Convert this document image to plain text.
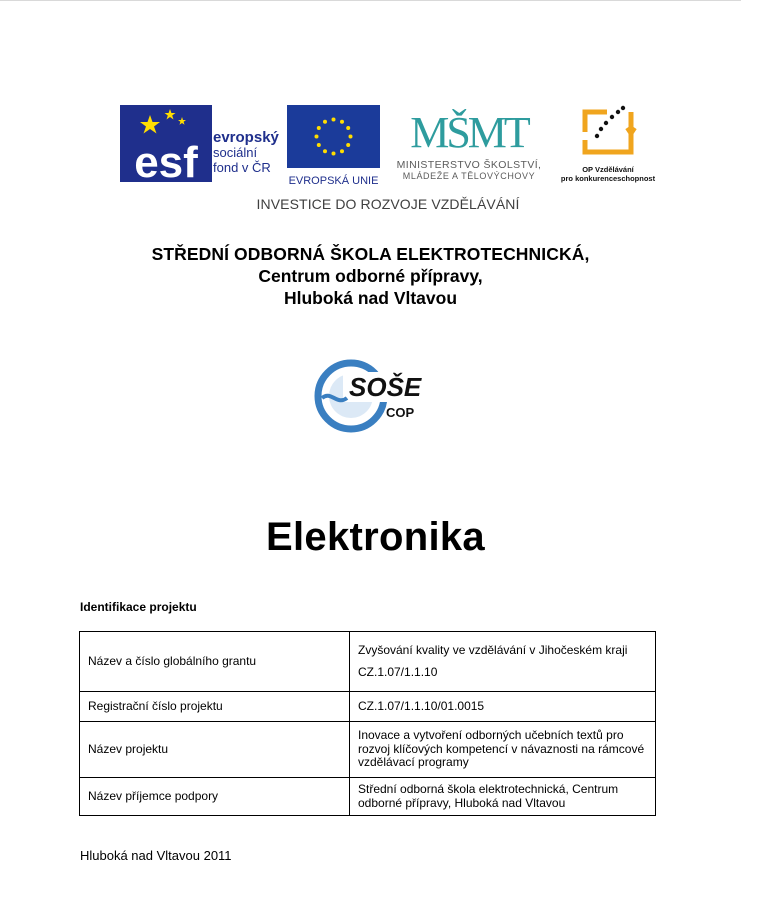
esf
evropský
sociální
fond v ČR
EVROPSKÁ UNIE
MŠMT
MINISTERSTVO ŠKOLSTVÍ,
MLÁDEŽE A TĚLOVÝCHOVY
OP Vzdělávání
pro konkurenceschopnost
INVESTICE DO ROZVOJE VZDĚLÁVÁNÍ
STŘEDNÍ ODBORNÁ ŠKOLA ELEKTROTECHNICKÁ,
Centrum odborné přípravy,
Hluboká nad Vltavou
SOŠE
COP
Elektronika
Identifikace projektu
Název a číslo globálního grantu	Zvyšování kvality ve vzdělávání v Jihočeském kraji
CZ.1.07/1.1.10

Registrační číslo projektu	CZ.1.07/1.1.10/01.0015
Název projektu	Inovace a vytvoření odborných učebních textů pro rozvoj klíčových kompetencí v návaznosti na rámcové vzdělávací programy
Název příjemce podpory	Střední odborná škola elektrotechnická, Centrum odborné přípravy, Hluboká nad Vltavou
Hluboká nad Vltavou 2011
